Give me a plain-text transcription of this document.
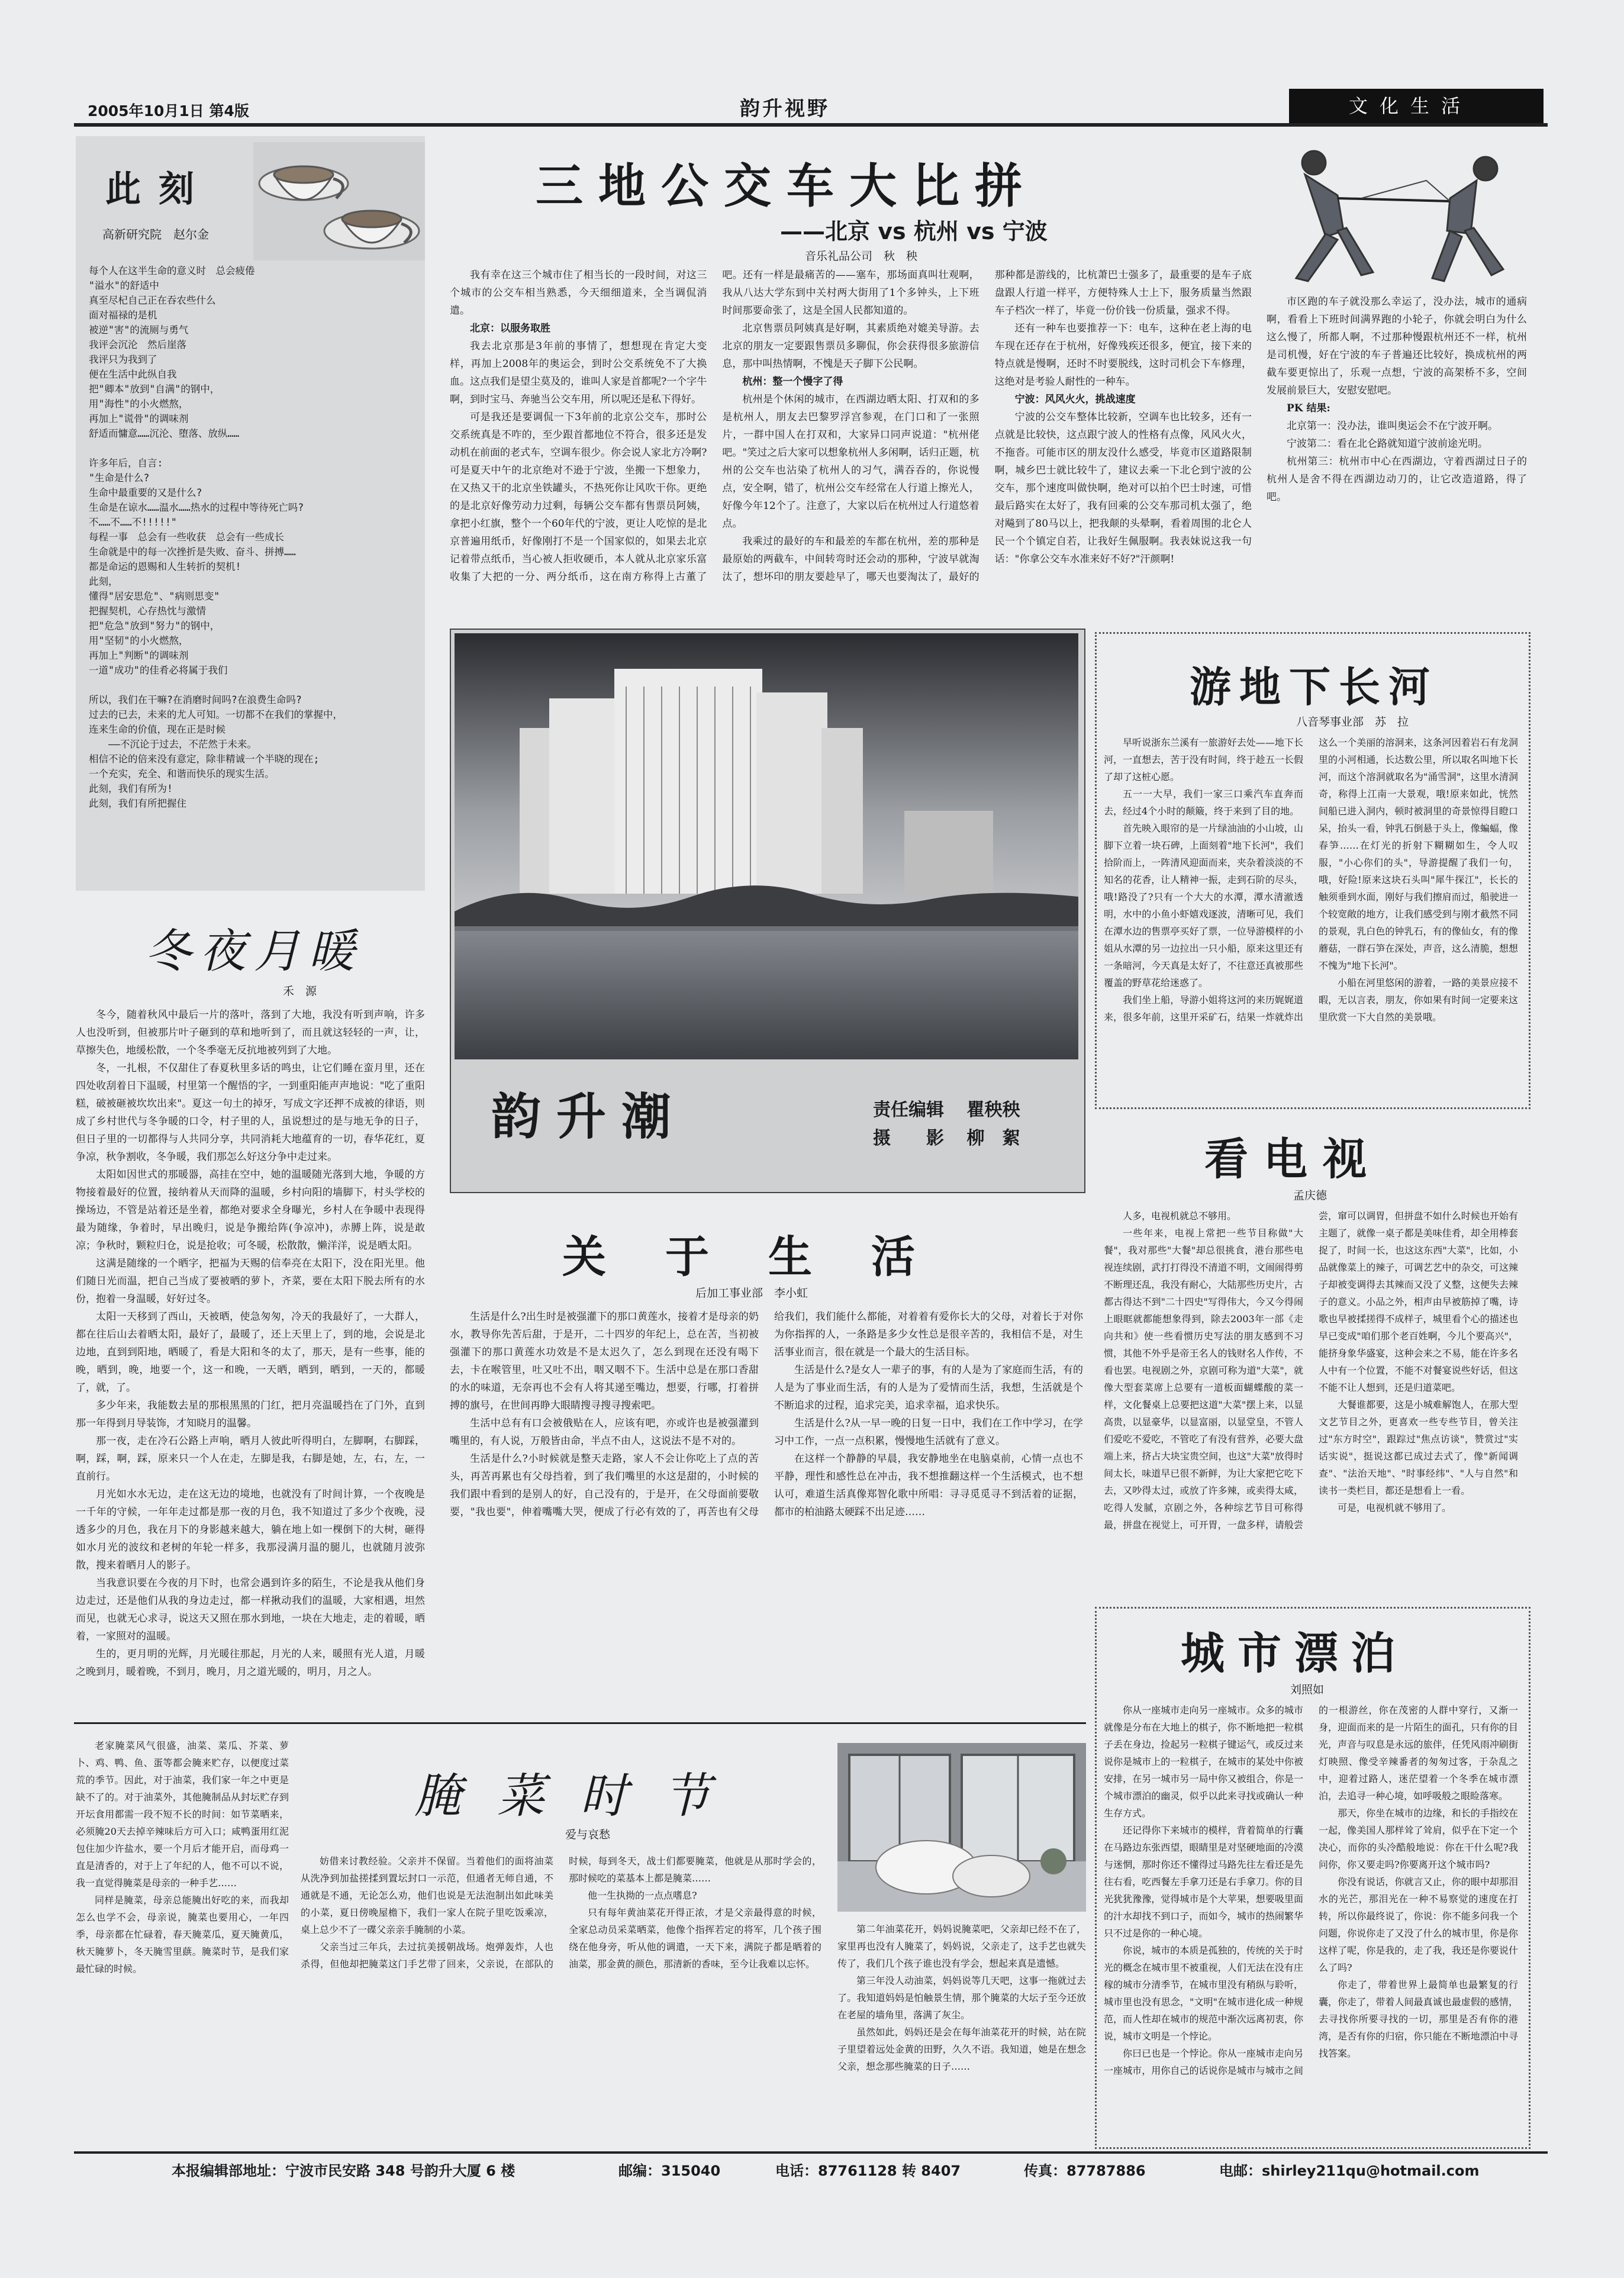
2005年10月1日 第4版	韵升视野	文化生活
此刻
高新研究院　赵尔金
每个人在这半生命的意义时　总会疲倦
"溢水"的舒适中
真至尽杞自己正在吞农些什么
面对福禄的是机
被逆"害"的流厕与勇气
我评会沉沦　然后崖落
我评只为我到了
便在生活中此纵自我
把"卿本"放到"自满"的钢中，
用"海性"的小火燃熬，
再加上"谎骨"的调味剂
舒适而慵意……沉沦、堕落、放纵……
许多年后，自言:
"生命是什么?
生命中最重要的又是什么?
生命是在谅水……温水……热水的过程中等待死亡吗?
不……不……不!!!!!"
每程一事　总会有一些收获　总会有一些成长
生命就是中的每一次挫折是失败、奋斗、拼搏……
都是命运的恩赐和人生转折的契机!
此刻，
懂得"居安思危"、"病则思变"
把握契机，心存热忱与激情
把"危急"放到"努力"的钢中，
用"坚韧"的小火燃熬，
再加上"判断"的调味剂
一道"成功"的佳肴必将属于我们
所以，我们在干嘛?在消磨时间吗?在浪费生命吗?
过去的已去，未来的尤人可知。一切都不在我们的掌握中，
连来生命的价值，现在正是时候
　　——不沉论于过去，不茫然于未来。
相信不论的倍来没有意定，除非精诚一个半晓的现在;
一个充实，充全、和谐而快乐的现实生活。
此刻，我们有所为!
此刻，我们有所把握住
冬夜月暖
禾　源

冬今，随着秋风中最后一片的落叶，落到了大地，我没有听到声响，许多人也没听到，但被那片叶子砸到的草和地听到了，而且就这轻轻的一声，让，草擦失色，地缓松散，一个冬季毫无反抗地被列到了大地。

冬，一扎根，不仅甜住了春夏秋里多话的鸣虫，让它们睡在蛮月里，还在四处收刮着日下温暖，村里第一个醒悟的字，一到重阳能声声地说："吃了重阳糕，破被砸被坎坎出来"。夏这一句土的掉牙，写成文字还押不成被的律语，则成了乡村世代与冬争暖的口令，村子里的人，虽说想过的是与地无争的日子，但日子里的一切都得与人共同分享，共同消耗大地蕴育的一切，春华花红，夏争凉，秋争割收，冬争暖，我们那怎么好这分争中走过来。

太阳如因世式的那暖器，高挂在空中，她的温暖随光落到大地，争暖的方物接着最好的位置，接纳着从天而降的温暖，乡村向阳的墙脚下，村头学校的操场边，不管是站着还是坐着，都绝对要求全身曝光，乡村人在争暖中表现得最为随缘，争着时，早出晚归，说是争搬给阵(争凉冲)，赤膊上阵，说是敢凉；争秋时，颗粒归仓，说是抢收；可冬暖，松散散，懒洋洋，说是晒太阳。

这满是随缘的一个晒字，把福为天赐的信奉亮在太阳下，没在阳光里。他们随日光而温，把自己当成了要被晒的萝卜，齐菜，要在太阳下脱去所有的水份，抱着一身温暖，好好过冬。

太阳一天移到了西山，天被晒，使急匆匆，冷天的我最好了，一大群人，都在往后山去着晒太阳，最好了，最暖了，还上天里上了，到的地，会说是北边地，直到到阳地，晒暖了，看是大阳和冬的太了，那天，是有一些事，能的晚，晒到，晚，地要一个，这一和晚，一天晒，晒到，晒到，一天的，都暖了，就，了。

多少年来，我能数去星的那根黑黑的门红，把月亮温暖挡在了门外，直到那一年得到月导装饰，才知晓月的温馨。

那一夜，走在冷石公路上声响，晒月人彼此听得明白，左脚啊，右脚踩，啊，踩，啊，踩，原来只一个人在走，左脚是我，右脚是她，左，右，左，一直前行。

月光如水水无边，走在这无边的境地，也就没有了时间计算，一个夜晚是一千年的守候，一年年走过都是那一夜的月色，我不知道过了多少个夜晚，浸透多少的月色，我在月下的身影越来越大，躺在地上如一棵倒下的大树，砸得如水月光的波纹和老树的年轮一样多，我那浸满月温的腿儿，也就随月波弥散，搜来着晒月人的影子。

当我意识要在今夜的月下时，也常会遇到许多的陌生，不论是我从他们身边走过，还是他们从我的身边走过，都一样揪动我们的温暖，大家相遇，坦然而见，也就无心求寻，说这天又照在那水到地，一块在大地走，走的着暖，晒着，一家照对的温暖。

生的，更月明的光辉，月光暖往那起，月光的人来，暖照有光人道，月暖之晚到月，暖着晚，不到月，晚月，月之道光暖的，明月，月之人。

三地公交车大比拼
——北京 vs 杭州 vs 宁波
音乐礼品公司　秋　秧

我有幸在这三个城市住了相当长的一段时间，对这三个城市的公交车相当熟悉，今天细细道来，全当调侃消遣。

北京：以服务取胜

我去北京那是3年前的事情了，想想现在肯定大变样，再加上2008年的奥运会，到时公交系统免不了大换血。这点我们是望尘莫及的，谁叫人家是首都呢?一个字牛啊，到时宝马、奔驰当公交车用，所以呢还是私下得好。

可是我还是要调侃一下3年前的北京公交车，那时公交系统真是不咋的，至少跟首都地位不符合，很多还是发动机在前面的老式车，空调车很少。你会说人家北方冷啊?可是夏天中午的北京绝对不逊于宁波，坐搬一下想象力，在又热又干的北京坐铁罐头，不热死你让风吹干你。更绝的是北京好像劳动力过剩，每辆公交车都有售票员阿姨，拿把小红旗，整个一个60年代的宁波，更让人吃惊的是北京普遍用纸币，好像刚打不是一个国家似的，如果去北京记着带点纸币，当心被人拒收硬币，本人就从北京家乐富收集了大把的一分、两分纸币，这在南方称得上古董了吧。还有一样是最痛苦的——塞车，那场面真叫壮观啊，我从八达大学东到中关村两大街用了1个多钟头，上下班时间那要命张了，这是全国人民都知道的。

北京售票员阿姨真是好啊，其素质绝对媲美导游。去北京的朋友一定要跟售票员多聊侃，你会获得很多旅游信息，那中叫热情啊，不愧是天子脚下公民啊。

杭州：整一个慢字了得

杭州是个休闲的城市，在西湖边晒太阳、打双和的多是杭州人，朋友去巴黎罗浮宫参观，在门口和了一张照片，一群中国人在打双和，大家异口同声说道："杭州佬吧。"笑过之后大家可以想象杭州人多闲啊，话归正题，杭州的公交车也沾染了杭州人的习气，满吞吞的，你说慢点，安全啊，错了，杭州公交车经常在人行道上擦光人，好像今年12个了。注意了，大家以后在杭州过人行道悠着点。

我乘过的最好的车和最差的车都在杭州，差的那种是最原始的两截车，中间转弯时还会动的那种，宁波早就淘汰了，想坏印的朋友要趁早了，哪天也要淘汰了，最好的那种都是游线的，比杭萧巴士强多了，最重要的是车子底盘跟人行道一样平，方便特殊人士上下，服务质量当然跟车子档次一样了，毕竟一份价钱一份质量，强求不得。

还有一种车也要推荐一下：电车，这种在老上海的电车现在还存在于杭州，好像残疾还很多，便宜，接下来的特点就是慢啊，还时不时要脱线，这时司机会下车修理，这绝对是考验人耐性的一种车。

宁波：风风火火，挑战速度

宁波的公交车整体比较新，空调车也比较多，还有一点就是比较快，这点跟宁波人的性格有点像，风风火火，不拖沓。可能市区的朋友没什么感受，毕竟市区道路限制啊，城乡巴士就比较牛了，建议去乘一下北仑到宁波的公交车，那个速度叫做快啊，绝对可以拍个巴士时速，可惜最后路实在太好了，我有回乘的公交车那司机太强了，绝对飚到了80马以上，把我颠的头晕啊，看着周围的北仑人民一个个镇定自若，让我好生佩服啊。我表妹说这我一句话："你拿公交车水准来好不好?"汗颜啊!

市区跑的车子就没那么幸运了，没办法，城市的通病啊，看看上下班时间满界跑的小轮子，你就会明白为什么这么慢了，所都人啊，不过那种慢跟杭州还不一样，杭州是司机慢，好在宁波的车子普遍还比较好，换成杭州的两截车要更惊出了，乐观一点想，宁波的高架桥不多，空间发展前景巨大，安慰安慰吧。

PK 结果:

北京第一：没办法，谁叫奥运会不在宁波开啊。

宁波第二：看在北仑路就知道宁波前途光明。

杭州第三：杭州市中心在西湖边，守着西湖过日子的杭州人是舍不得在西湖边动刀的，让它改造道路，得了吧。

韵升潮	责任编辑 瞿秧秧
摄　　影 柳　絮
游地下长河
八音琴事业部　苏　拉

早听说浙东兰溪有一旅游好去处——地下长河，一直想去，苦于没有时间，终于趁五一长假了却了这桩心愿。

五一一大早，我们一家三口乘汽车直奔而去，经过4个小时的颠簸，终于来到了目的地。

首先映入眼帘的是一片绿油油的小山坡，山脚下立着一块石碑，上面刻着"地下长河"，我们拾阶而上，一阵清风迎面而来，夹杂着淡淡的不知名的花香，让人精神一振，走到石阶的尽头，哦!路没了?只有一个大大的水潭，潭水清澈透明，水中的小鱼小虾嬉戏逐波，清晰可见，我们在潭水边的售票亭买好了票，一位导游模样的小姐从水潭的另一边拉出一只小船，原来这里还有一条暗河，今天真是太好了，不往意还真被那些覆盖的野草花给迷惑了。

我们坐上船，导游小姐将这河的来历娓娓道来，很多年前，这里开采矿石，结果一炸就炸出这么一个美丽的溶洞来，这条河因着岩石有龙洞里的小河相通，长达数公里，所以取名叫地下长河，而这个溶洞就取名为"涌雪洞"，这里水清洞奇，称得上江南一大景观，哦!原来如此，恍然间船已进入洞内，顿时被洞里的奇景惊得目瞪口呆，抬头一看，钟乳石倒悬于头上，像蝙蝠，像春笋……在灯光的折射下糊糊如生，令人叹服，"小心你们的头"，导游提醒了我们一句，哦，好险!原来这块石头叫"犀牛探江"，长长的触须垂到水面，刚好与我们擦肩而过，船驶进一个较宽敞的地方，让我们感受到与刚才截然不同的景观，乳白色的钟乳石，有的像仙女，有的像蘑菇，一群石笋在深处，声音，这么清脆，想想不愧为"地下长河"。

小船在河里悠闲的游着，一路的美景应接不暇，无以言表，朋友，你如果有时间一定要来这里欣赏一下大自然的美景哦。

看电视
孟庆德

人多，电视机就总不够用。

一些年来，电视上常把一些节目称做"大餐"，我对那些"大餐"却总很挑食，港台那些电视连续剧，武打打得没不清道不明，文闹闹得剪不断理还乱，我没有耐心，大陆那些历史片，古都古得达不到"二十四史"写得伟大，今又今得闹上眼眶就都能想象得到，除去2003年一部《走向共和》使一些看惯历史写法的朋友感到不习惯，其他不外乎是帝王名人的钱财名人作传，不看也罢。电视剧之外，京剧可称为道"大菜"，就像大型套菜席上总要有一道板面蝴蝶酸的菜一样，文化餐桌上总要把这道"大菜"摆上来，以显高贵，以显豪华，以显富丽，以显堂皇，不管人们爱吃不爱吃，不管吃了有没有营养，必要大盘端上来，挤占大块宝贵空间，也这"大菜"放得时间太长，味道早已很不新鲜，为让大家把它吃下去，又吵得太过，或放了许多辣，或卖得太咸，吃得人发腻，京剧之外，各种综艺节目可称得最，拼盘在视觉上，可开胃，一盘多样，请般尝尝，窜可以调胃，但拼盘不如什么时候也开始有主题了，就像一桌子都是美味佳肴，却全用棒套捉了，时间一长，也这这东西"大菜"，比如，小品就像菜上的辣子，可调艺艺中的杂交，可这辣子却被变调得去其辣而又没了义整，这便失去辣子的意义。小品之外，相声由早被筋掉了嘴，诗歌也早被揉搓得不成样子，城里看个心的描述也早已变成"咱们那个老百姓啊，今儿个要高兴"，能挤身象华盛宴，这种会来之不易，能在许多名人中有一个位置，不能不对餐宴说些好话，但这不能不让人想到，还是归道菜吧。

大餐谁都要，这是小城难解饱人，在那大型文艺节目之外，更喜欢一些专些节目，曾关注过"东方时空"，跟踪过"焦点访谈"，赞赏过"实话实说"，挺说这都已成过去式了，像"新闻调查"、"法治天地"、"时事经纬"、"人与自然"和读书一类栏目，都还是想看上一看。

可是，电视机就不够用了。

城市漂泊
刘照如

你从一座城市走向另一座城市。众多的城市就像是分布在大地上的棋子，你不断地把一粒棋子丢在身边，捡起另一粒棋子键运气，或反过来说你是城市上的一粒棋子，在城市的某处中你被安排，在另一城市另一局中你又被组合，你是一个城市漂泊的幽灵，似乎以此来寻找或确认一种生存方式。

还记得你下来城市的模样，背着简单的行囊在马路边东张西望，眼睛里是对坚硬地面的冷漠与迷惘，那时你还不懂得过马路先往左看还是先往右看，吃西餐左手拿刀还是右手拿刀。你的目光犹犹豫豫，觉得城市是个大苹果，想要吸里面的汁水却找不到口子，而如今，城市的热闹繁华只不过是你的一种心境。

你说，城市的本质是孤独的，传统的关于时光的概念在城市里不被重视，人们无法在没有庄稼的城市分清季节，在城市里没有稍纵与聆听，城市里也没有思念，"文明"在城市进化成一种规范，而人性却在城市的规范中渐次远离初衷，你说，城市文明是一个悖论。

你曰已也是一个悖论。你从一座城市走向另一座城市，用你自己的话说你是城市与城市之间的一根游丝，你在茂密的人群中穿行，又渐一身，迎面而来的是一片陌生的面孔，只有你的目光，声音与叹息是永远的旅伴，任凭风雨冲刷街灯映照、像受辛辣番者的匆匆过客，于杂乱之中，迎着过路人，迷茫望着一个冬季在城市漂泊，去追寻一种心境，如呼吸般之眼睑落寒。

那天，你坐在城市的边缘，和长的手指绞在一起，像美国人那样耸了耸肩，似乎在下定一个决心，而你的头冷酷般地说：你在干什么呢?我问你，你又要走吗?你要离开这个城市吗?

你没有说话，你就言又止，你的眼中却那泪水的光芒，那泪光在一种不易察觉的速度在打转，所以你最终说了，你说：你不能多问我一个问题，你说你走了又没了什么的城市里，你是你这样了呢，你是我的，走了我，我还是你要说什么了吗?

你走了，带着世界上最简单也最繁复的行囊，你走了，带着人间最真诚也最虚假的感情，去寻找你所要寻找的一切，那里是否有你的港湾，是否有你的归宿，你只能在不断地漂泊中寻找答案。

关于生活
后加工事业部　李小虹

生活是什么?出生时是被强灌下的那口黄莲水，接着才是母亲的奶水，教导你先苦后甜，于是开，二十四岁的年纪上，总在苦，当初被强灌下的那口黄莲水功效是不是太迟久了，怎么到现在还没有喝下去，卡在喉管里，吐又吐不出，咽又咽不下。生活中总是在那口香甜的水的味道，无奈再也不会有人将其递至嘴边，想要，行哪，打着拼搏的旗号，在世间再睁大眼睛搜寻搜寻搜索吧。

生活中总有有口会被俄贴在人，应该有吧，亦或许也是被强灌到嘴里的，有人说，万般皆由命，半点不由人，这说法不是不对的。

生活是什么?小时候就是整天走路，家人不会让你吃上了点的苦头，再苦再累也有父母挡着，到了我们嘴里的水这是甜的，小时候的我们跟中看到的是别人的好，自己没有的，于是开，在父母面前要敬要，"我也要"，伸着嘴嘴大哭，便成了行必有效的了，再苦也有父母给我们，我们能什么都能，对着着有爱你长大的父母，对着长于对你为你指挥的人，一条路是多少女性总是很辛苦的，我相信不是，对生活事业而言，很在就是一个最大的生活目标。

生活是什么?是女人一辈子的事，有的人是为了家庭而生活，有的人是为了事业而生活，有的人是为了爱情而生活，我想，生活就是个不断追求的过程，追求完美，追求幸福，追求快乐。

生活是什么?从一早一晚的日复一日中，我们在工作中学习，在学习中工作，一点一点积累，慢慢地生活就有了意义。

在这样一个静静的早晨，我安静地坐在电脑桌前，心情一点也不平静，理性和感性总在冲击，我不想推翻这样一个生活模式，也不想认可，难道生活真像郑智化歌中所唱：寻寻觅觅寻不到活着的证据，都市的柏油路太硬踩不出足迹……

老家腌菜风气很盛，油菜、菜瓜、芥菜、萝卜、鸡、鸭、鱼、蛋等都会腌来贮存，以便度过菜荒的季节。因此，对于油菜，我们家一年之中更是缺不了的。对于油菜外，其他腌制品从封坛贮存到开坛食用都需一段不短不长的时间：如节菜晒来，必须腌20天去掉辛辣味后方可入口；咸鸭蛋用红泥包住加少许盐水，要一个月后才能开启，而母鸡一直是清香的，对于上了年纪的人，他不可以不说，我一直觉得腌菜是母亲的一种手艺……

同样是腌菜，母亲总能腌出好吃的来，而我却怎么也学不会，母亲说，腌菜也要用心，一年四季，母亲都在忙碌着，春天腌菜瓜，夏天腌黄瓜，秋天腌萝卜，冬天腌雪里蕻。腌菜时节，是我们家最忙碌的时候。

腌菜时节
爱与哀愁

妨借来讨教经验。父亲并不保留。当着他们的面将油菜从洗净到加盐搓揉到置坛封口一示范，但通者无师自通，不通就是不通，无论怎么劝，他们也说是无法泡制出如此味美的小菜，夏日傍晚屋檐下，我们一家人在院子里吃饭乘凉，桌上总少不了一碟父亲亲手腌制的小菜。

父亲当过三年兵，去过抗美援朝战场。炮弹轰炸，人也杀得，但他却把腌菜这门手艺带了回来，父亲说，在部队的时候，每到冬天，战士们都要腌菜，他就是从那时学会的，那时候吃的菜基本上都是腌菜……

他一生执拗的一点点嗜息?

只有每年黄油菜花开得正浓，才是父亲最得意的时候，全家总动员采菜晒菜，他像个指挥若定的将军，几个孩子围绕在他身旁，听从他的调遣，一天下来，满院子都是晒着的油菜，那金黄的颜色，那清新的香味，至今让我难以忘怀。

第二年油菜花开，妈妈说腌菜吧，父亲却已经不在了，家里再也没有人腌菜了，妈妈说，父亲走了，这手艺也就失传了，我们几个孩子谁也没有学会，想起来真是遗憾。

第三年没人动油菜，妈妈说等几天吧，这事一拖就过去了。我知道妈妈是怕触景生情，那个腌菜的大坛子至今还放在老屋的墙角里，落满了灰尘。

虽然如此，妈妈还是会在每年油菜花开的时候，站在院子里望着远处金黄的田野，久久不语。我知道，她是在想念父亲，想念那些腌菜的日子……

本报编辑部地址：宁波市民安路 348 号韵升大厦 6 楼	邮编：315040	电话：87761128 转 8407	传真：87787886	电邮：shirley211qu@hotmail.com
